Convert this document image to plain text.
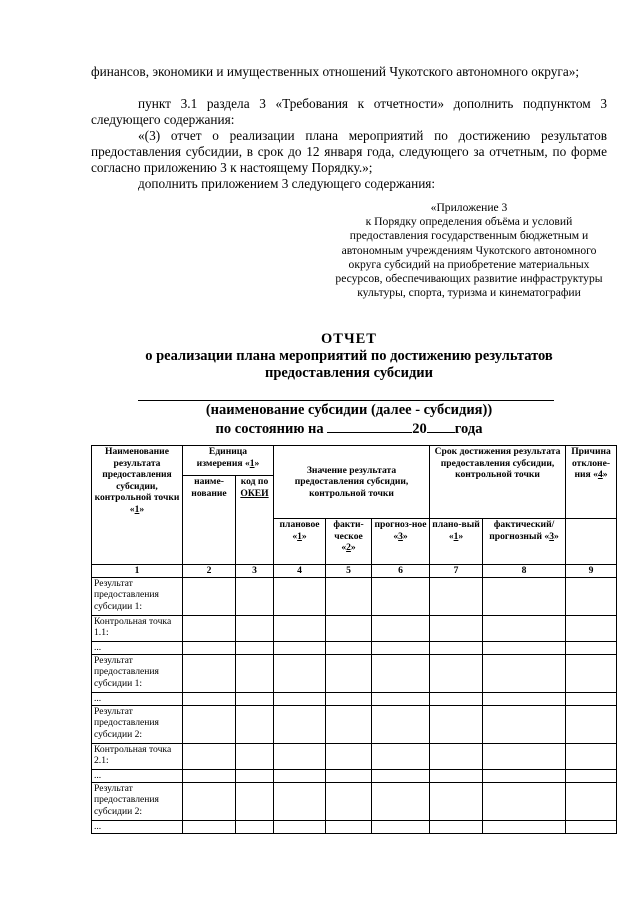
финансов, экономики и имущественных отношений Чукотского автономного округа»;
пункт 3.1 раздела 3 «Требования к отчетности» дополнить подпунктом 3 следующего содержания:
«(3) отчет о реализации плана мероприятий по достижению результатов предоставления субсидии, в срок до 12 января года, следующего за отчетным, по форме согласно приложению 3 к настоящему Порядку.»;
дополнить приложением 3 следующего содержания:
«Приложение 3
к Порядку определения объёма и условий предоставления государственным бюджетным и автономным учреждениям Чукотского автономного округа субсидий на приобретение материальных ресурсов, обеспечивающих развитие инфраструктуры культуры, спорта, туризма и кинематографии
ОТЧЕТ
о реализации плана мероприятий по достижению результатов предоставления субсидии
(наименование субсидии (далее - субсидия))
по состоянию на	20 года
Наименование результата предоставления субсидии, контрольной точки «1»	Единица измерения «1»		Значение результата предоставления субсидии, контрольной точки			Срок достижения результата предоставления субсидии, контрольной точки		Причина отклоне-ния «4»
	наиме-нование	код по ОКЕИ						
			плановое «1»	факти-ческое «2»	прогноз-ное «3»	плано-вый «1»	фактический/ прогнозный «3»	
1	2	3	4	5	6	7	8	9
Результат предоставления субсидии 1:								
Контрольная точка 1.1:								
...								
Результат предоставления субсидии 1:								
...								
Результат предоставления субсидии 2:								
Контрольная точка 2.1:								
...								
Результат предоставления субсидии 2:								
...								
